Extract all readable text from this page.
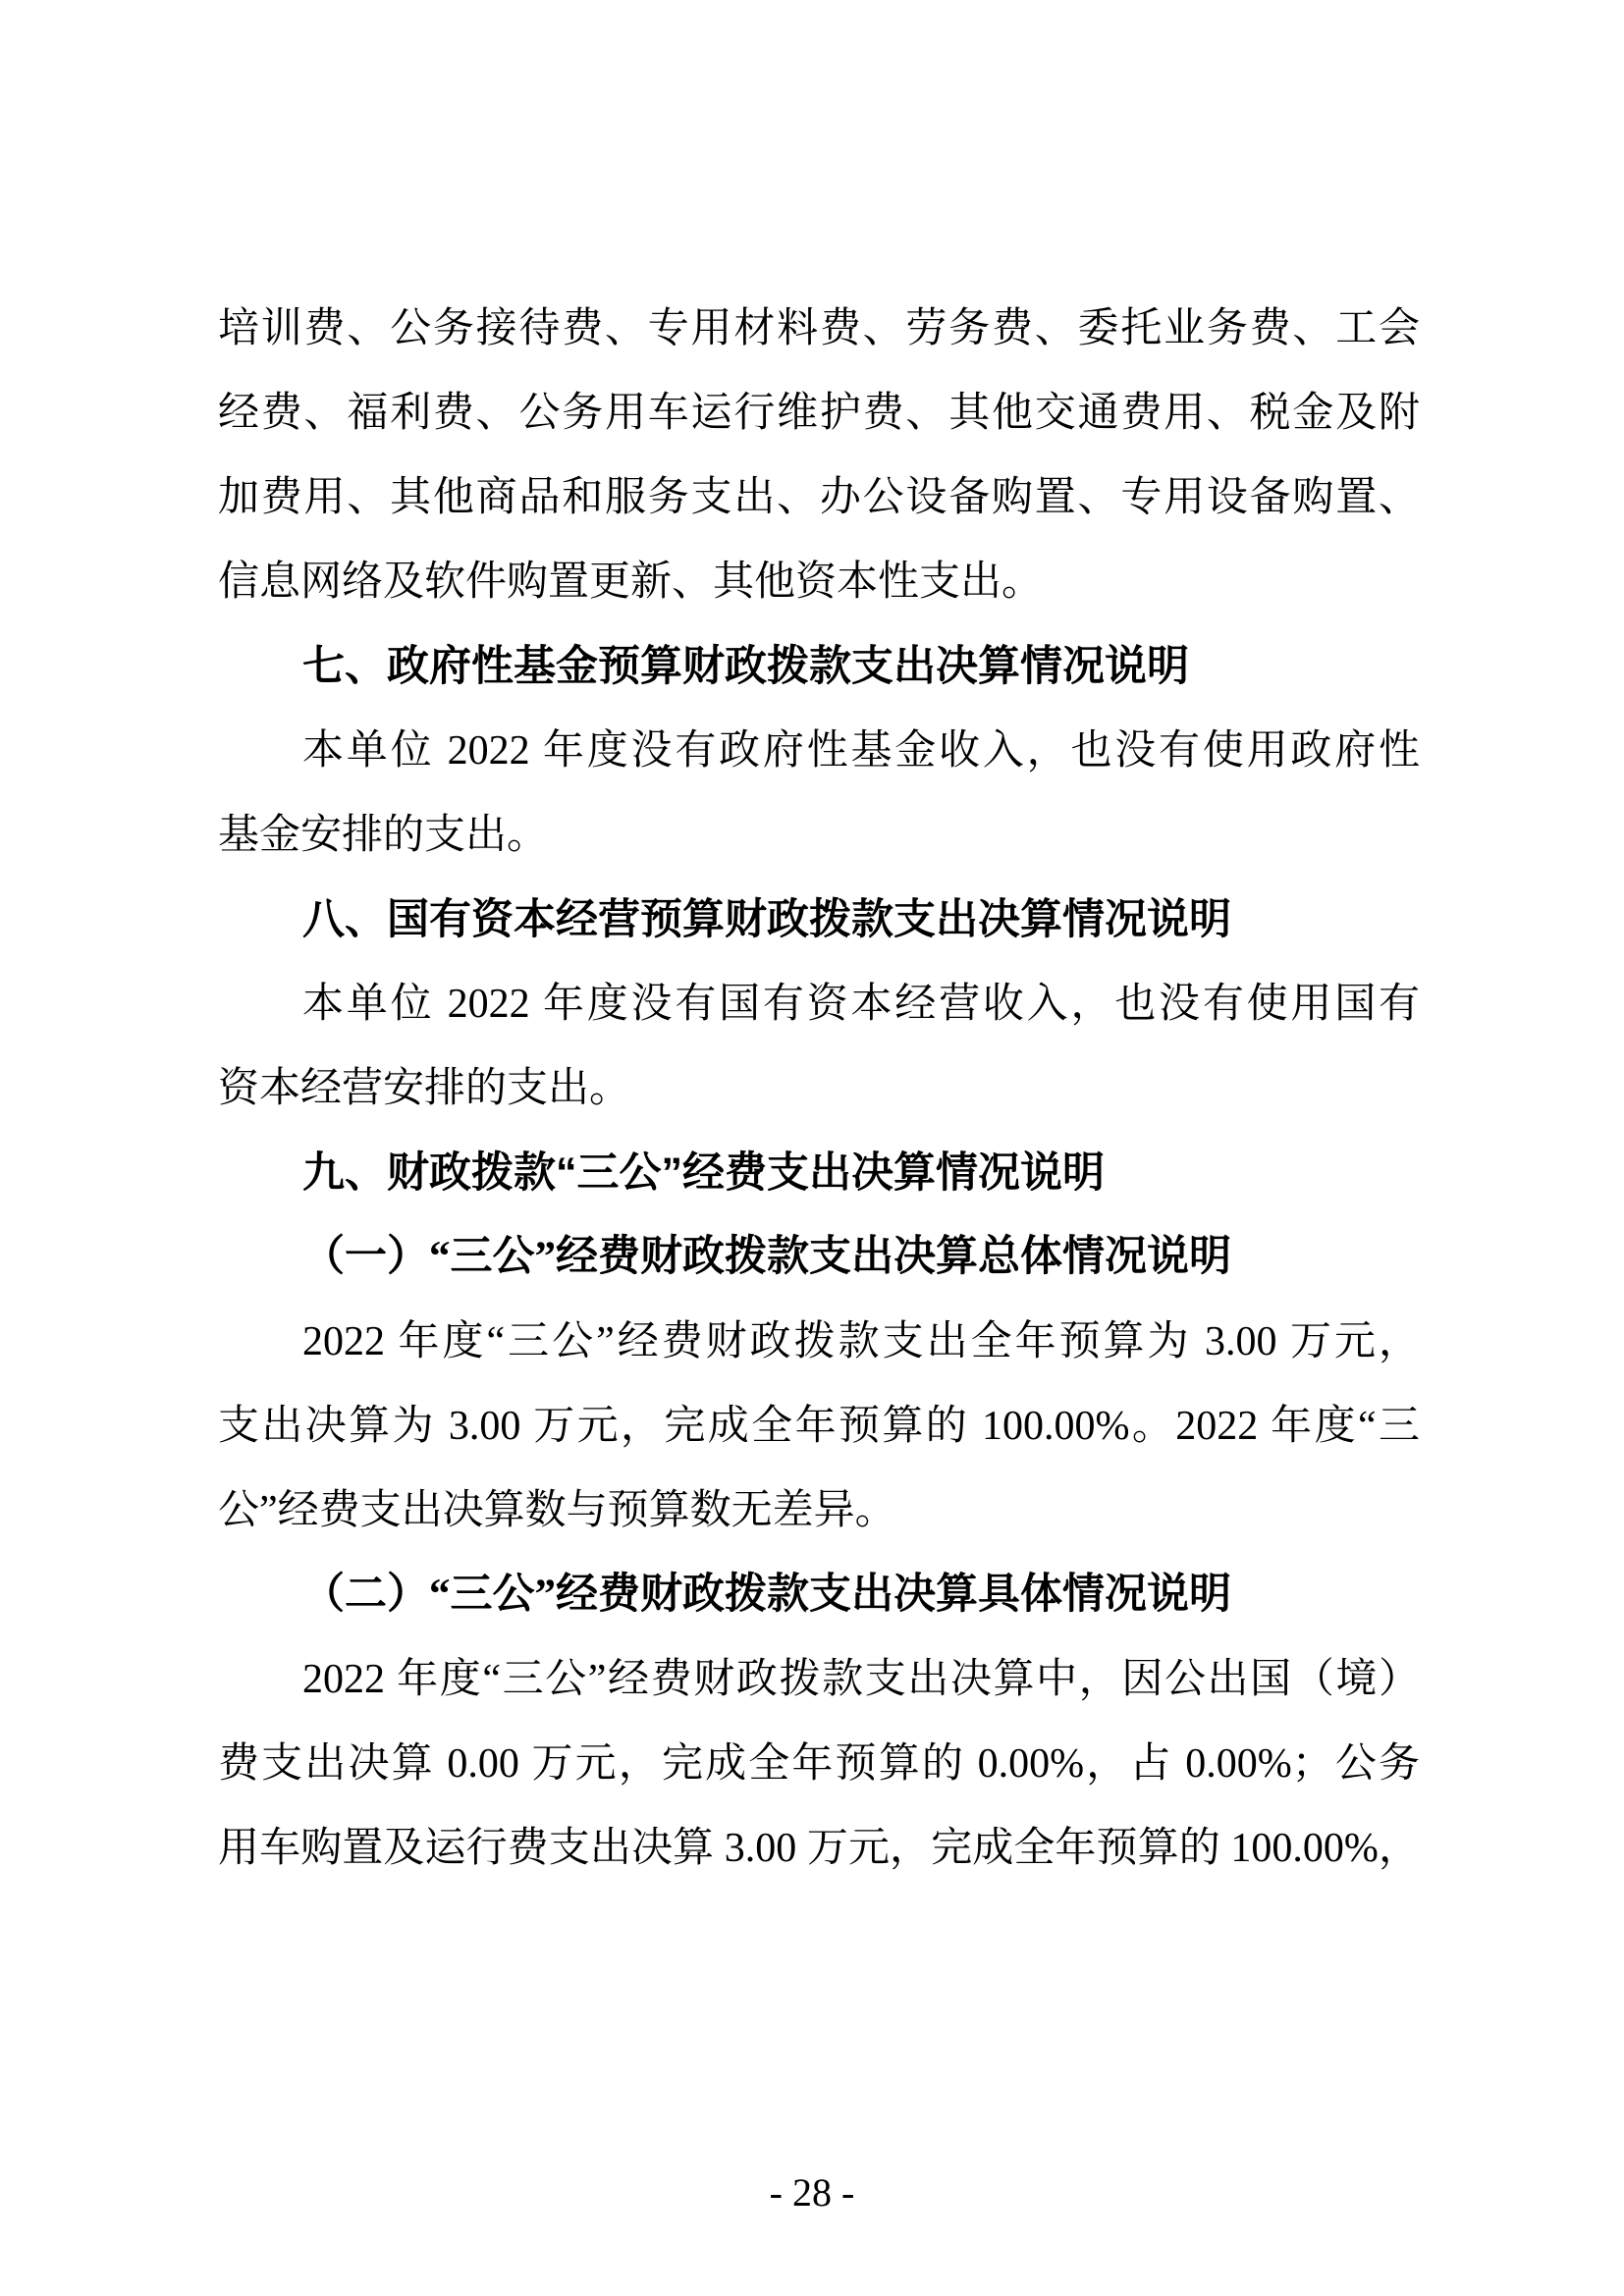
培训费、公务接待费、专用材料费、劳务费、委托业务费、工会
经费、福利费、公务用车运行维护费、其他交通费用、税金及附
加费用、其他商品和服务支出、办公设备购置、专用设备购置、
信息网络及软件购置更新、其他资本性支出。
七、政府性基金预算财政拨款支出决算情况说明
本单位 2022 年度没有政府性基金收入，也没有使用政府性
基金安排的支出。
八、国有资本经营预算财政拨款支出决算情况说明
本单位 2022 年度没有国有资本经营收入，也没有使用国有
资本经营安排的支出。
九、财政拨款“三公”经费支出决算情况说明
（一）“三公”经费财政拨款支出决算总体情况说明
2022 年度“三公”经费财政拨款支出全年预算为 3.00 万元，
支出决算为 3.00 万元，完成全年预算的 100.00%。2022 年度“三
公”经费支出决算数与预算数无差异。
（二）“三公”经费财政拨款支出决算具体情况说明
2022 年度“三公”经费财政拨款支出决算中，因公出国（境）
费支出决算 0.00 万元，完成全年预算的 0.00%，占 0.00%；公务
用车购置及运行费支出决算 3.00 万元，完成全年预算的 100.00%，
- 28 -
